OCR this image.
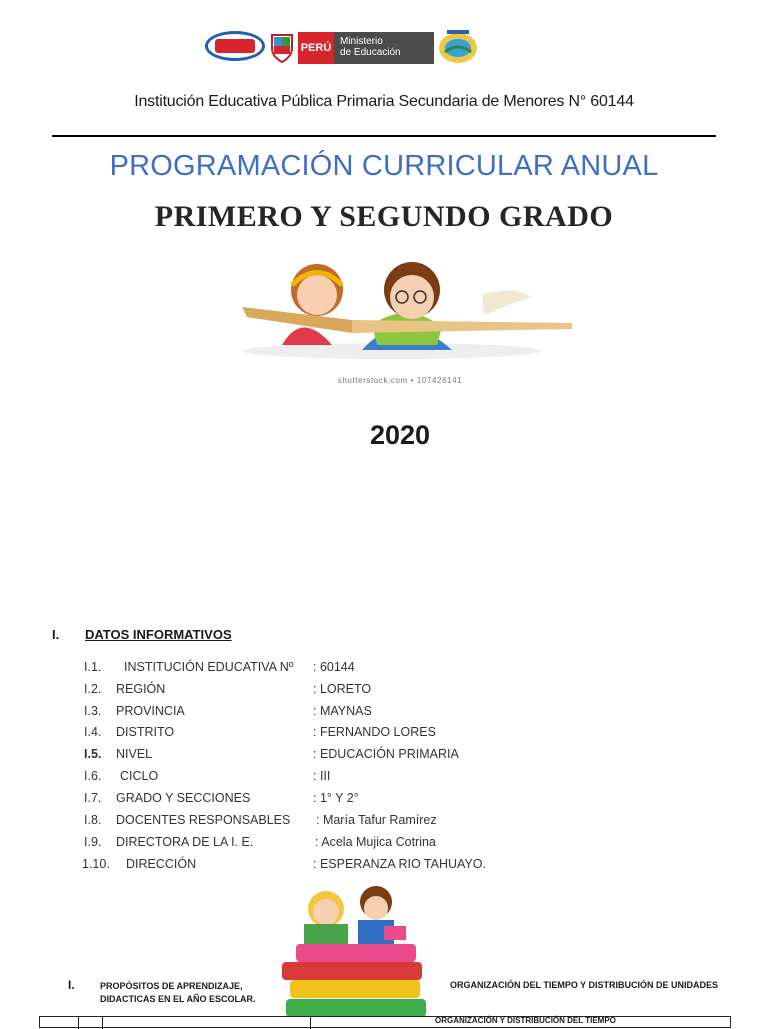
PERÚ
Ministerio
de Educación
Institución Educativa Pública Primaria Secundaria de Menores N° 60144
PROGRAMACIÓN CURRICULAR ANUAL
PRIMERO Y SEGUNDO GRADO
shutterstock.com • 107426141
2020
I. DATOS INFORMATIVOS
I.1. INSTITUCIÓN EDUCATIVA Nº : 60144
I.2. REGIÓN	: LORETO
I.3. PROVINCIA	: MAYNAS
I.4. DISTRITO	: FERNANDO LORES
I.5. NIVEL	: EDUCACIÓN PRIMARIA
I.6. CICLO	: III
I.7. GRADO Y SECCIONES	: 1° Y 2°
I.8. DOCENTES RESPONSABLES : María Tafur Ramírez
I.9. DIRECTORA DE LA I. E.	: Acela Mujica Cotrina
1.10. DIRECCIÓN	: ESPERANZA RIO TAHUAYO.
I.	PROPÓSITOS DE APRENDIZAJE,
DIDACTICAS EN EL AÑO ESCOLAR.
ORGANIZACIÓN DEL TIEMPO Y DISTRIBUCIÓN DE UNIDADES
ORGANIZACIÓN Y DISTRIBUCIÓN DEL TIEMPO
